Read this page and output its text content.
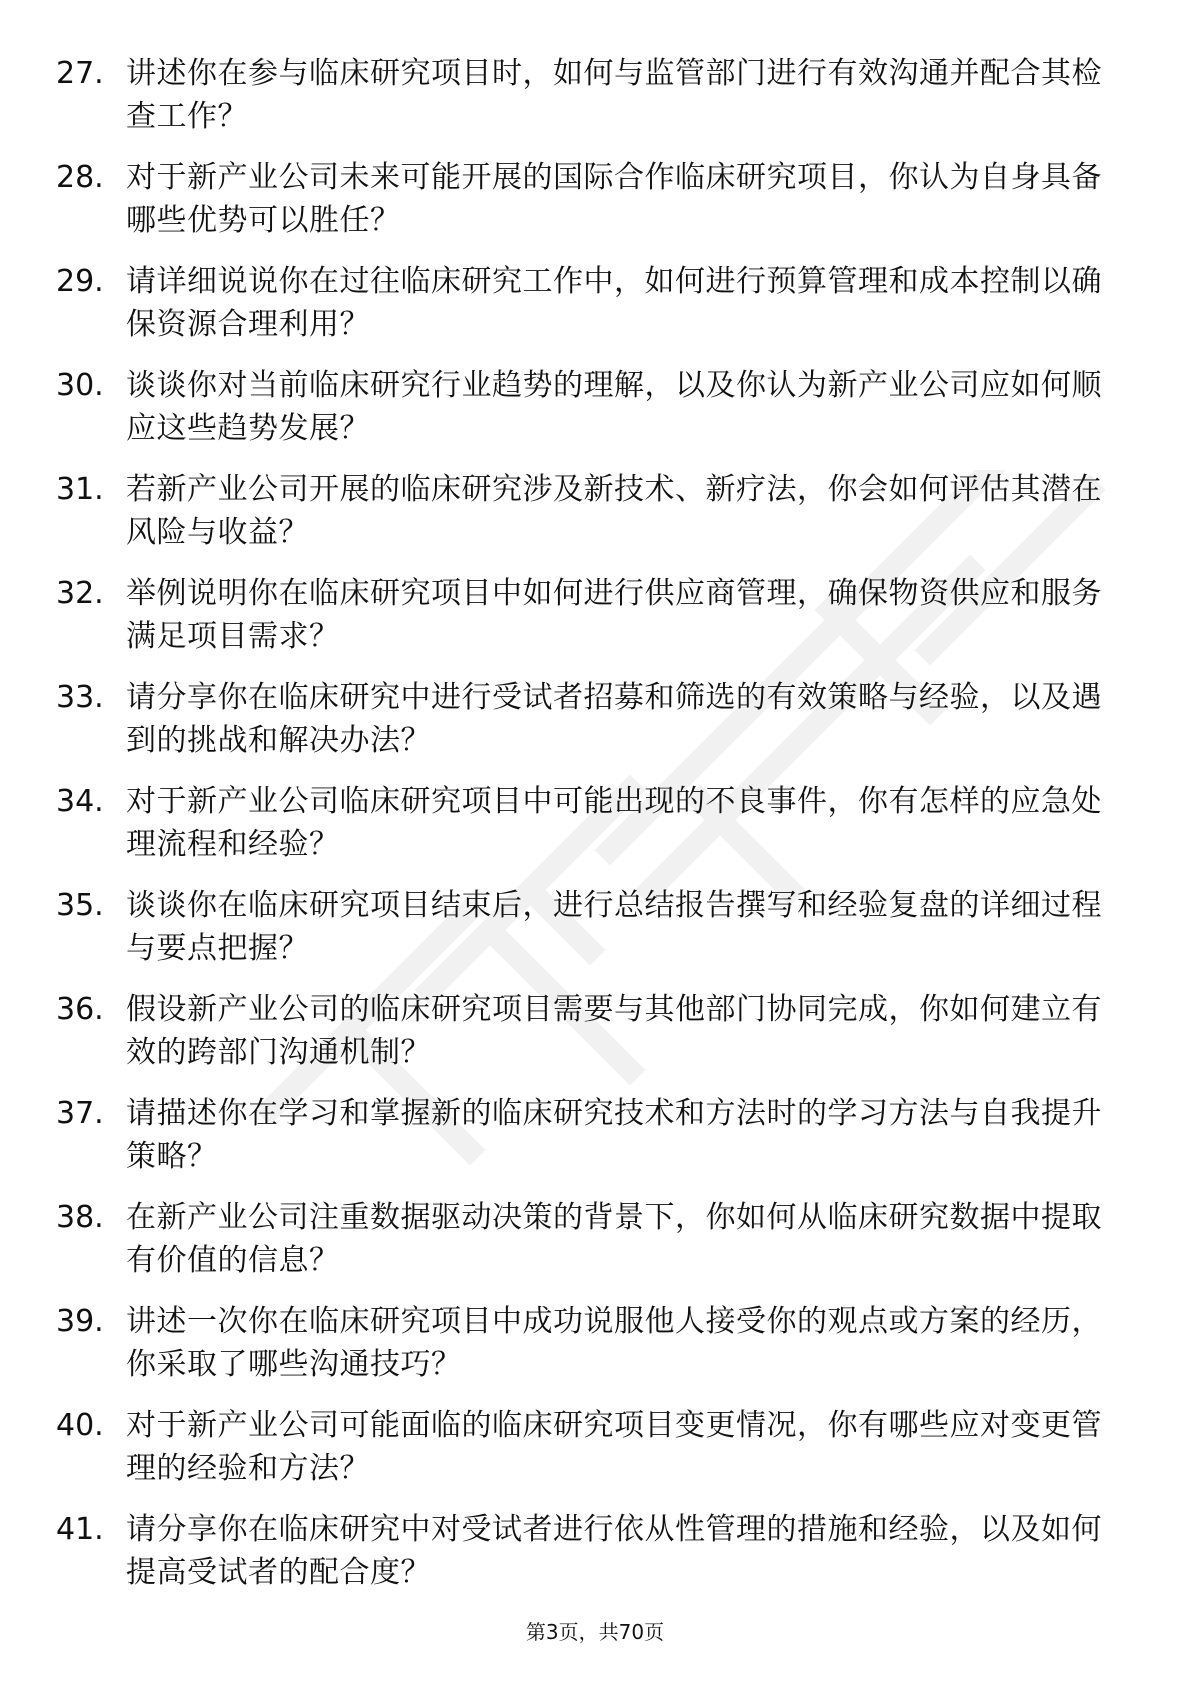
27. 讲述你在参与临床研究项目时，如何与监管部门进行有效沟通并配合其检查工作？
28. 对于新产业公司未来可能开展的国际合作临床研究项目，你认为自身具备哪些优势可以胜任？
29. 请详细说说你在过往临床研究工作中，如何进行预算管理和成本控制以确保资源合理利用？
30. 谈谈你对当前临床研究行业趋势的理解，以及你认为新产业公司应如何顺应这些趋势发展？
31. 若新产业公司开展的临床研究涉及新技术、新疗法，你会如何评估其潜在风险与收益？
32. 举例说明你在临床研究项目中如何进行供应商管理，确保物资供应和服务满足项目需求？
33. 请分享你在临床研究中进行受试者招募和筛选的有效策略与经验，以及遇到的挑战和解决办法？
34. 对于新产业公司临床研究项目中可能出现的不良事件，你有怎样的应急处理流程和经验？
35. 谈谈你在临床研究项目结束后，进行总结报告撰写和经验复盘的详细过程与要点把握？
36. 假设新产业公司的临床研究项目需要与其他部门协同完成，你如何建立有效的跨部门沟通机制？
37. 请描述你在学习和掌握新的临床研究技术和方法时的学习方法与自我提升策略？
38. 在新产业公司注重数据驱动决策的背景下，你如何从临床研究数据中提取有价值的信息？
39. 讲述一次你在临床研究项目中成功说服他人接受你的观点或方案的经历，你采取了哪些沟通技巧？
40. 对于新产业公司可能面临的临床研究项目变更情况，你有哪些应对变更管理的经验和方法？
41. 请分享你在临床研究中对受试者进行依从性管理的措施和经验，以及如何提高受试者的配合度？
第3页，共70页
